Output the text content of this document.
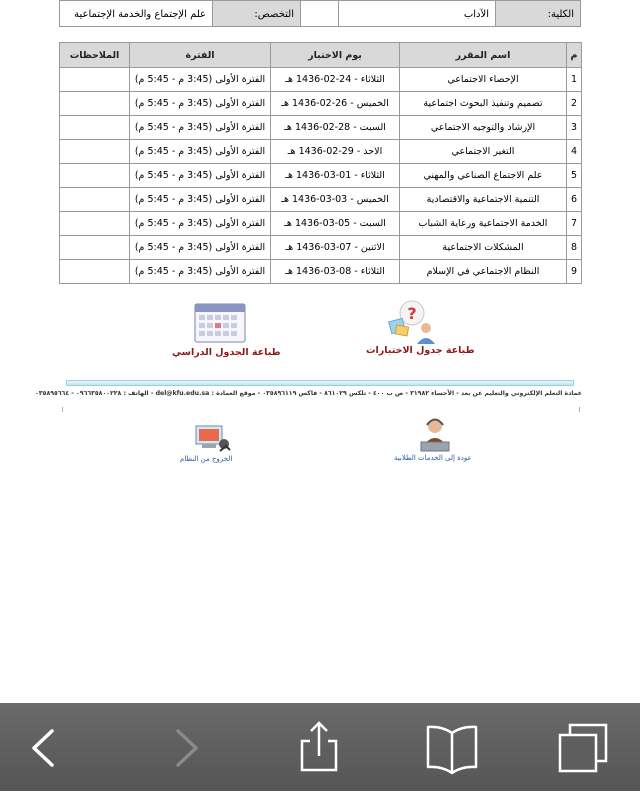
الكلية:
الآداب
التخصص:
علم الإجتماع والخدمة الإجتماعية
م	اسم المقرر	يوم الاختبار	الفترة	الملاحظات
1	الإحصاء الاجتماعي	الثلاثاء - 24-02-1436 هـ	الفترة الأولى (3:45 م - 5:45 م)	
2	تصميم وتنفيذ البحوث اجتماعية	الخميس - 26-02-1436 هـ	الفترة الأولى (3:45 م - 5:45 م)	
3	الإرشاد والتوجيه الاجتماعي	السبت - 28-02-1436 هـ	الفترة الأولى (3:45 م - 5:45 م)	
4	التغير الاجتماعي	الاحد - 29-02-1436 هـ	الفترة الأولى (3:45 م - 5:45 م)	
5	علم الاجتماع الصناعي والمهني	الثلاثاء - 01-03-1436 هـ	الفترة الأولى (3:45 م - 5:45 م)	
6	التنمية الاجتماعية والاقتصادية	الخميس - 03-03-1436 هـ	الفترة الأولى (3:45 م - 5:45 م)	
7	الخدمة الاجتماعية ورعاية الشباب	السبت - 05-03-1436 هـ	الفترة الأولى (3:45 م - 5:45 م)	
8	المشكلات الاجتماعية	الاثنين - 07-03-1436 هـ	الفترة الأولى (3:45 م - 5:45 م)	
9	النظام الاجتماعي في الإسلام	الثلاثاء - 08-03-1436 هـ	الفترة الأولى (3:45 م - 5:45 م)	
?
طباعة جدول الاختبارات
طباعة الجدول الدراسي
عمادة التعلم الإلكتروني والتعليم عن بعد - الأحساء ٣١٩٨٢ - ص ب ٤٠٠ - تلكس ٨٦١٠٢٩ - فاكس ٠٣٥٨٩٦١١٩ - موقع العمادة : del@kfu.edu.sa - الهاتف : ٠٩٦٦٣٥٨٠٠٢٢٨ - ٠٣٥٨٩٥٦٦٤
عودة إلى الخدمات الطلابية
الخروج من النظام
